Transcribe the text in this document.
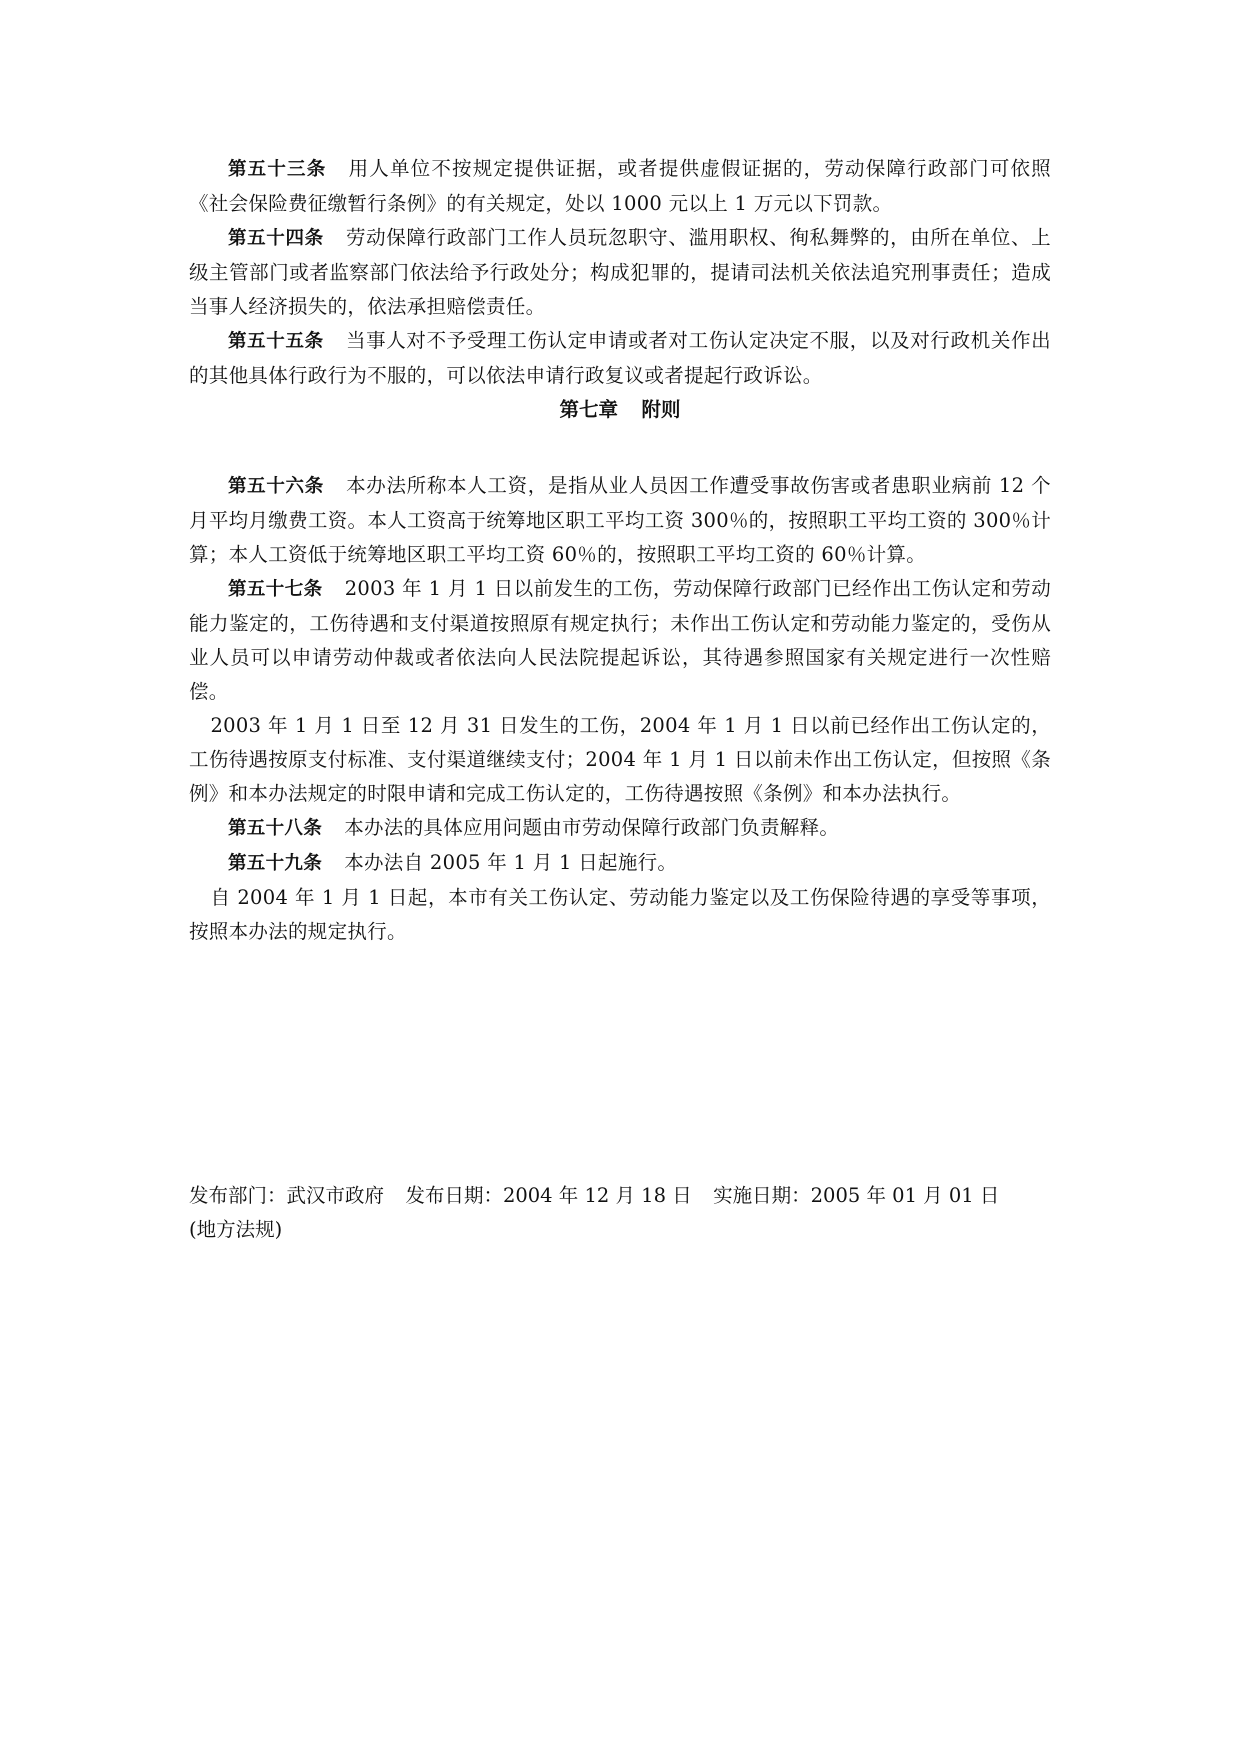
第五十三条 用人单位不按规定提供证据，或者提供虚假证据的，劳动保障行政部门可依照《社会保险费征缴暂行条例》的有关规定，处以 1000 元以上 1 万元以下罚款。

第五十四条 劳动保障行政部门工作人员玩忽职守、滥用职权、徇私舞弊的，由所在单位、上级主管部门或者监察部门依法给予行政处分；构成犯罪的，提请司法机关依法追究刑事责任；造成当事人经济损失的，依法承担赔偿责任。

第五十五条 当事人对不予受理工伤认定申请或者对工伤认定决定不服，以及对行政机关作出的其他具体行政行为不服的，可以依法申请行政复议或者提起行政诉讼。

第七章 附则

第五十六条 本办法所称本人工资，是指从业人员因工作遭受事故伤害或者患职业病前 12 个月平均月缴费工资。本人工资高于统筹地区职工平均工资 300％的，按照职工平均工资的 300％计算；本人工资低于统筹地区职工平均工资 60％的，按照职工平均工资的 60％计算。

第五十七条 2003 年 1 月 1 日以前发生的工伤，劳动保障行政部门已经作出工伤认定和劳动能力鉴定的，工伤待遇和支付渠道按照原有规定执行；未作出工伤认定和劳动能力鉴定的，受伤从业人员可以申请劳动仲裁或者依法向人民法院提起诉讼，其待遇参照国家有关规定进行一次性赔偿。

2003 年 1 月 1 日至 12 月 31 日发生的工伤，2004 年 1 月 1 日以前已经作出工伤认定的，工伤待遇按原支付标准、支付渠道继续支付；2004 年 1 月 1 日以前未作出工伤认定，但按照《条例》和本办法规定的时限申请和完成工伤认定的，工伤待遇按照《条例》和本办法执行。

第五十八条 本办法的具体应用问题由市劳动保障行政部门负责解释。

第五十九条 本办法自 2005 年 1 月 1 日起施行。

自 2004 年 1 月 1 日起，本市有关工伤认定、劳动能力鉴定以及工伤保险待遇的享受等事项，按照本办法的规定执行。

发布部门：武汉市政府 发布日期：2004 年 12 月 18 日 实施日期：2005 年 01 月 01 日
(地方法规)
